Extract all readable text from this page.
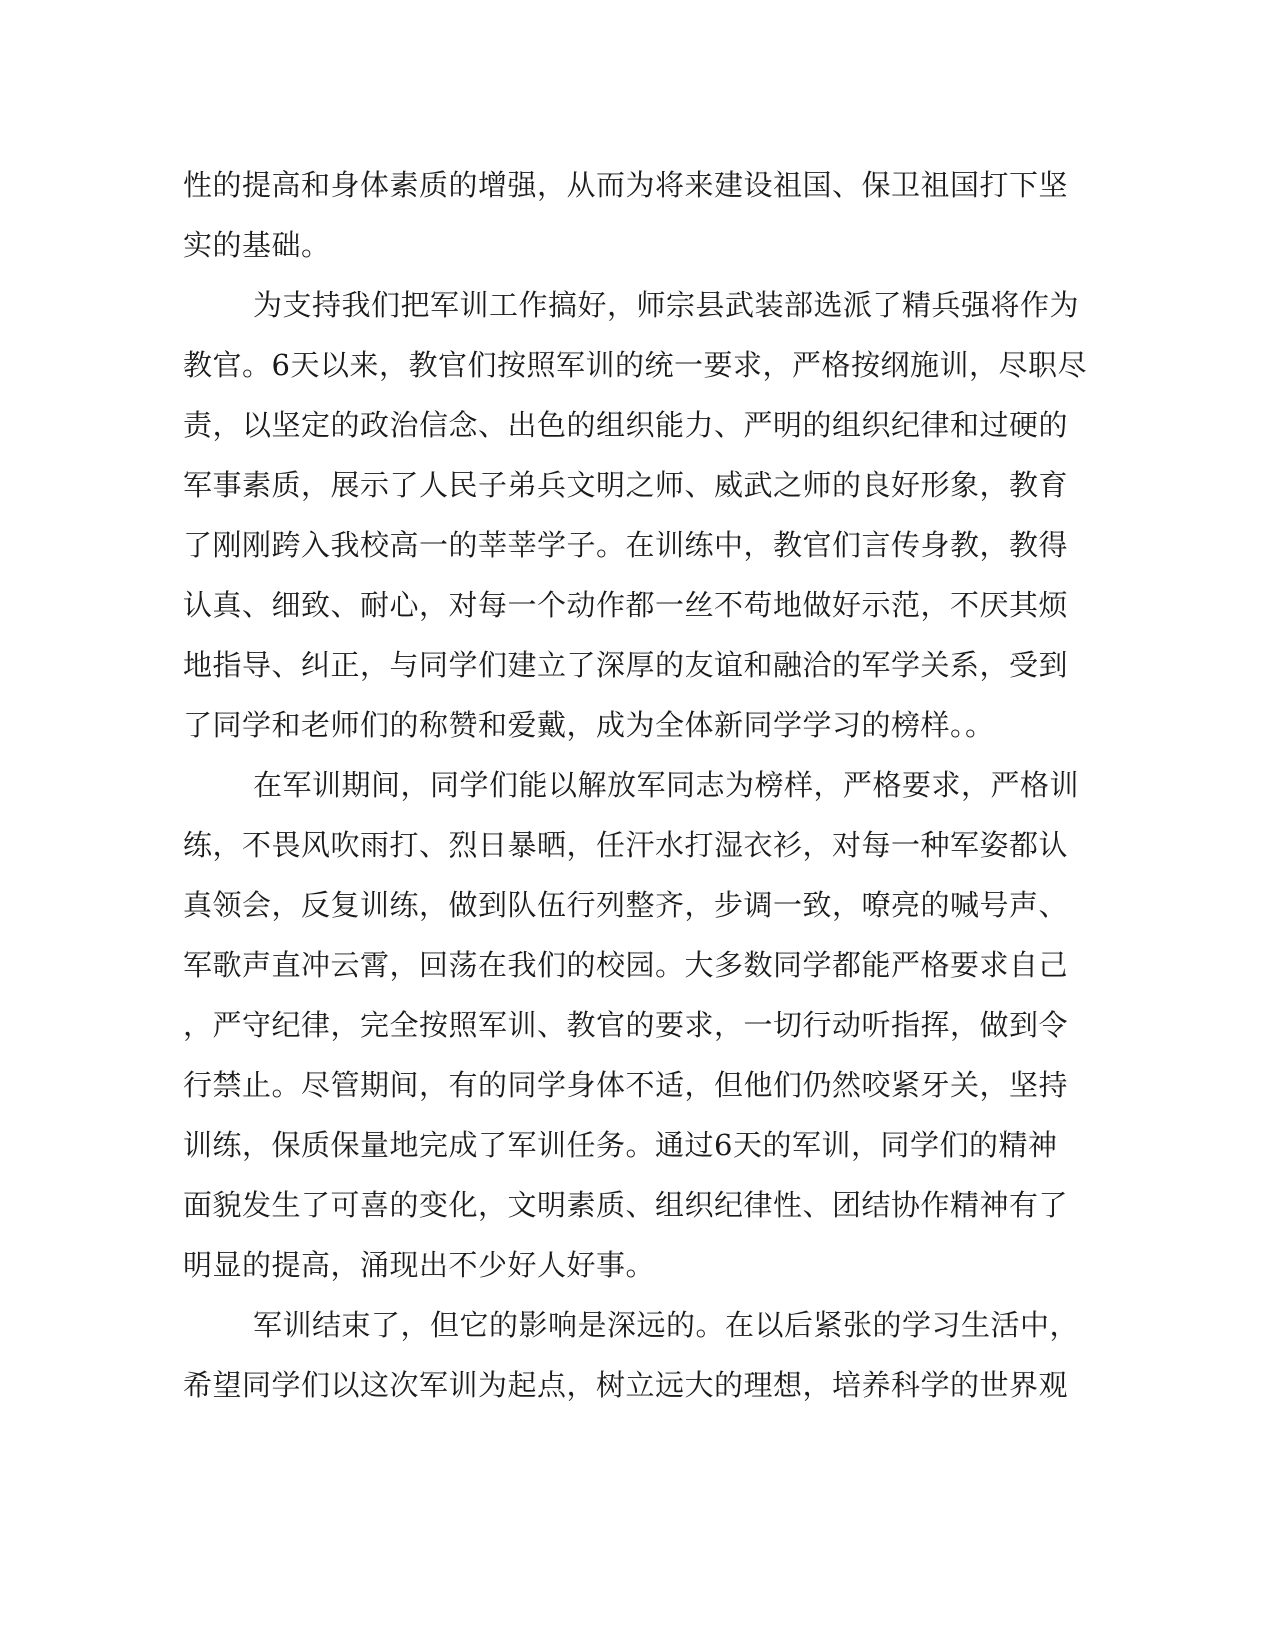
性的提高和身体素质的增强，从而为将来建设祖国、保卫祖国打下坚
实的基础。
为支持我们把军训工作搞好，师宗县武装部选派了精兵强将作为
教官。6天以来，教官们按照军训的统一要求，严格按纲施训，尽职尽
责，以坚定的政治信念、出色的组织能力、严明的组织纪律和过硬的
军事素质，展示了人民子弟兵文明之师、威武之师的良好形象，教育
了刚刚跨入我校高一的莘莘学子。在训练中，教官们言传身教，教得
认真、细致、耐心，对每一个动作都一丝不苟地做好示范，不厌其烦
地指导、纠正，与同学们建立了深厚的友谊和融洽的军学关系，受到
了同学和老师们的称赞和爱戴，成为全体新同学学习的榜样。。
在军训期间，同学们能以解放军同志为榜样，严格要求，严格训
练，不畏风吹雨打、烈日暴晒，任汗水打湿衣衫，对每一种军姿都认
真领会，反复训练，做到队伍行列整齐，步调一致，嘹亮的喊号声、
军歌声直冲云霄，回荡在我们的校园。大多数同学都能严格要求自己
，严守纪律，完全按照军训、教官的要求，一切行动听指挥，做到令
行禁止。尽管期间，有的同学身体不适，但他们仍然咬紧牙关，坚持
训练，保质保量地完成了军训任务。通过6天的军训，同学们的精神
面貌发生了可喜的变化，文明素质、组织纪律性、团结协作精神有了
明显的提高，涌现出不少好人好事。
军训结束了，但它的影响是深远的。在以后紧张的学习生活中，
希望同学们以这次军训为起点，树立远大的理想，培养科学的世界观
